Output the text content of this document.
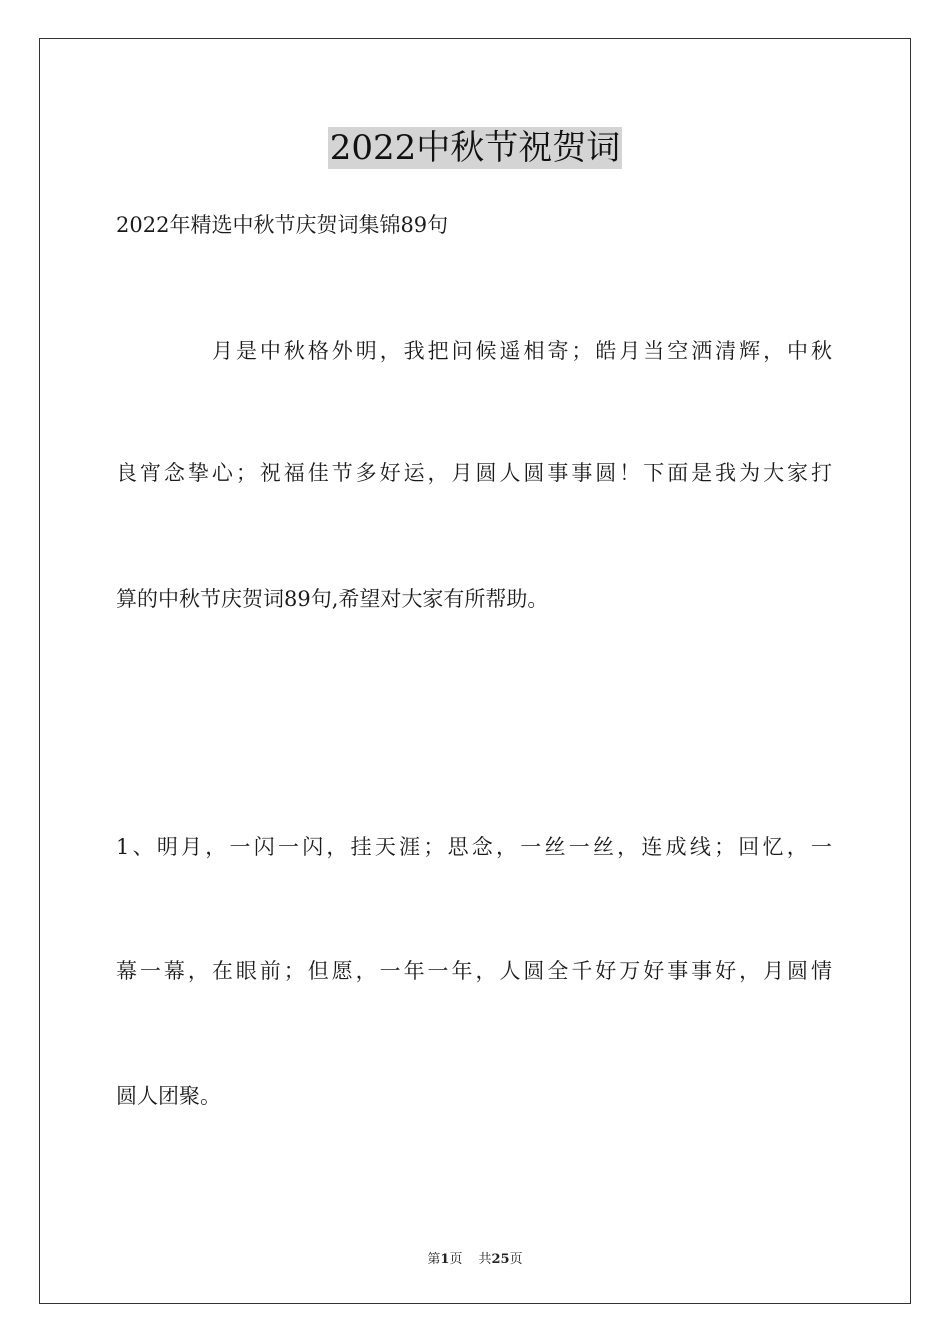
2022中秋节祝贺词
2022年精选中秋节庆贺词集锦89句
月是中秋格外明，我把问候遥相寄；皓月当空洒清辉，中秋
良宵念挚心；祝福佳节多好运，月圆人圆事事圆！下面是我为大家打
算的中秋节庆贺词89句,希望对大家有所帮助。
1、明月，一闪一闪，挂天涯；思念，一丝一丝，连成线；回忆，一
幕一幕，在眼前；但愿，一年一年，人圆全千好万好事事好，月圆情
圆人团聚。
第1页 共25页
